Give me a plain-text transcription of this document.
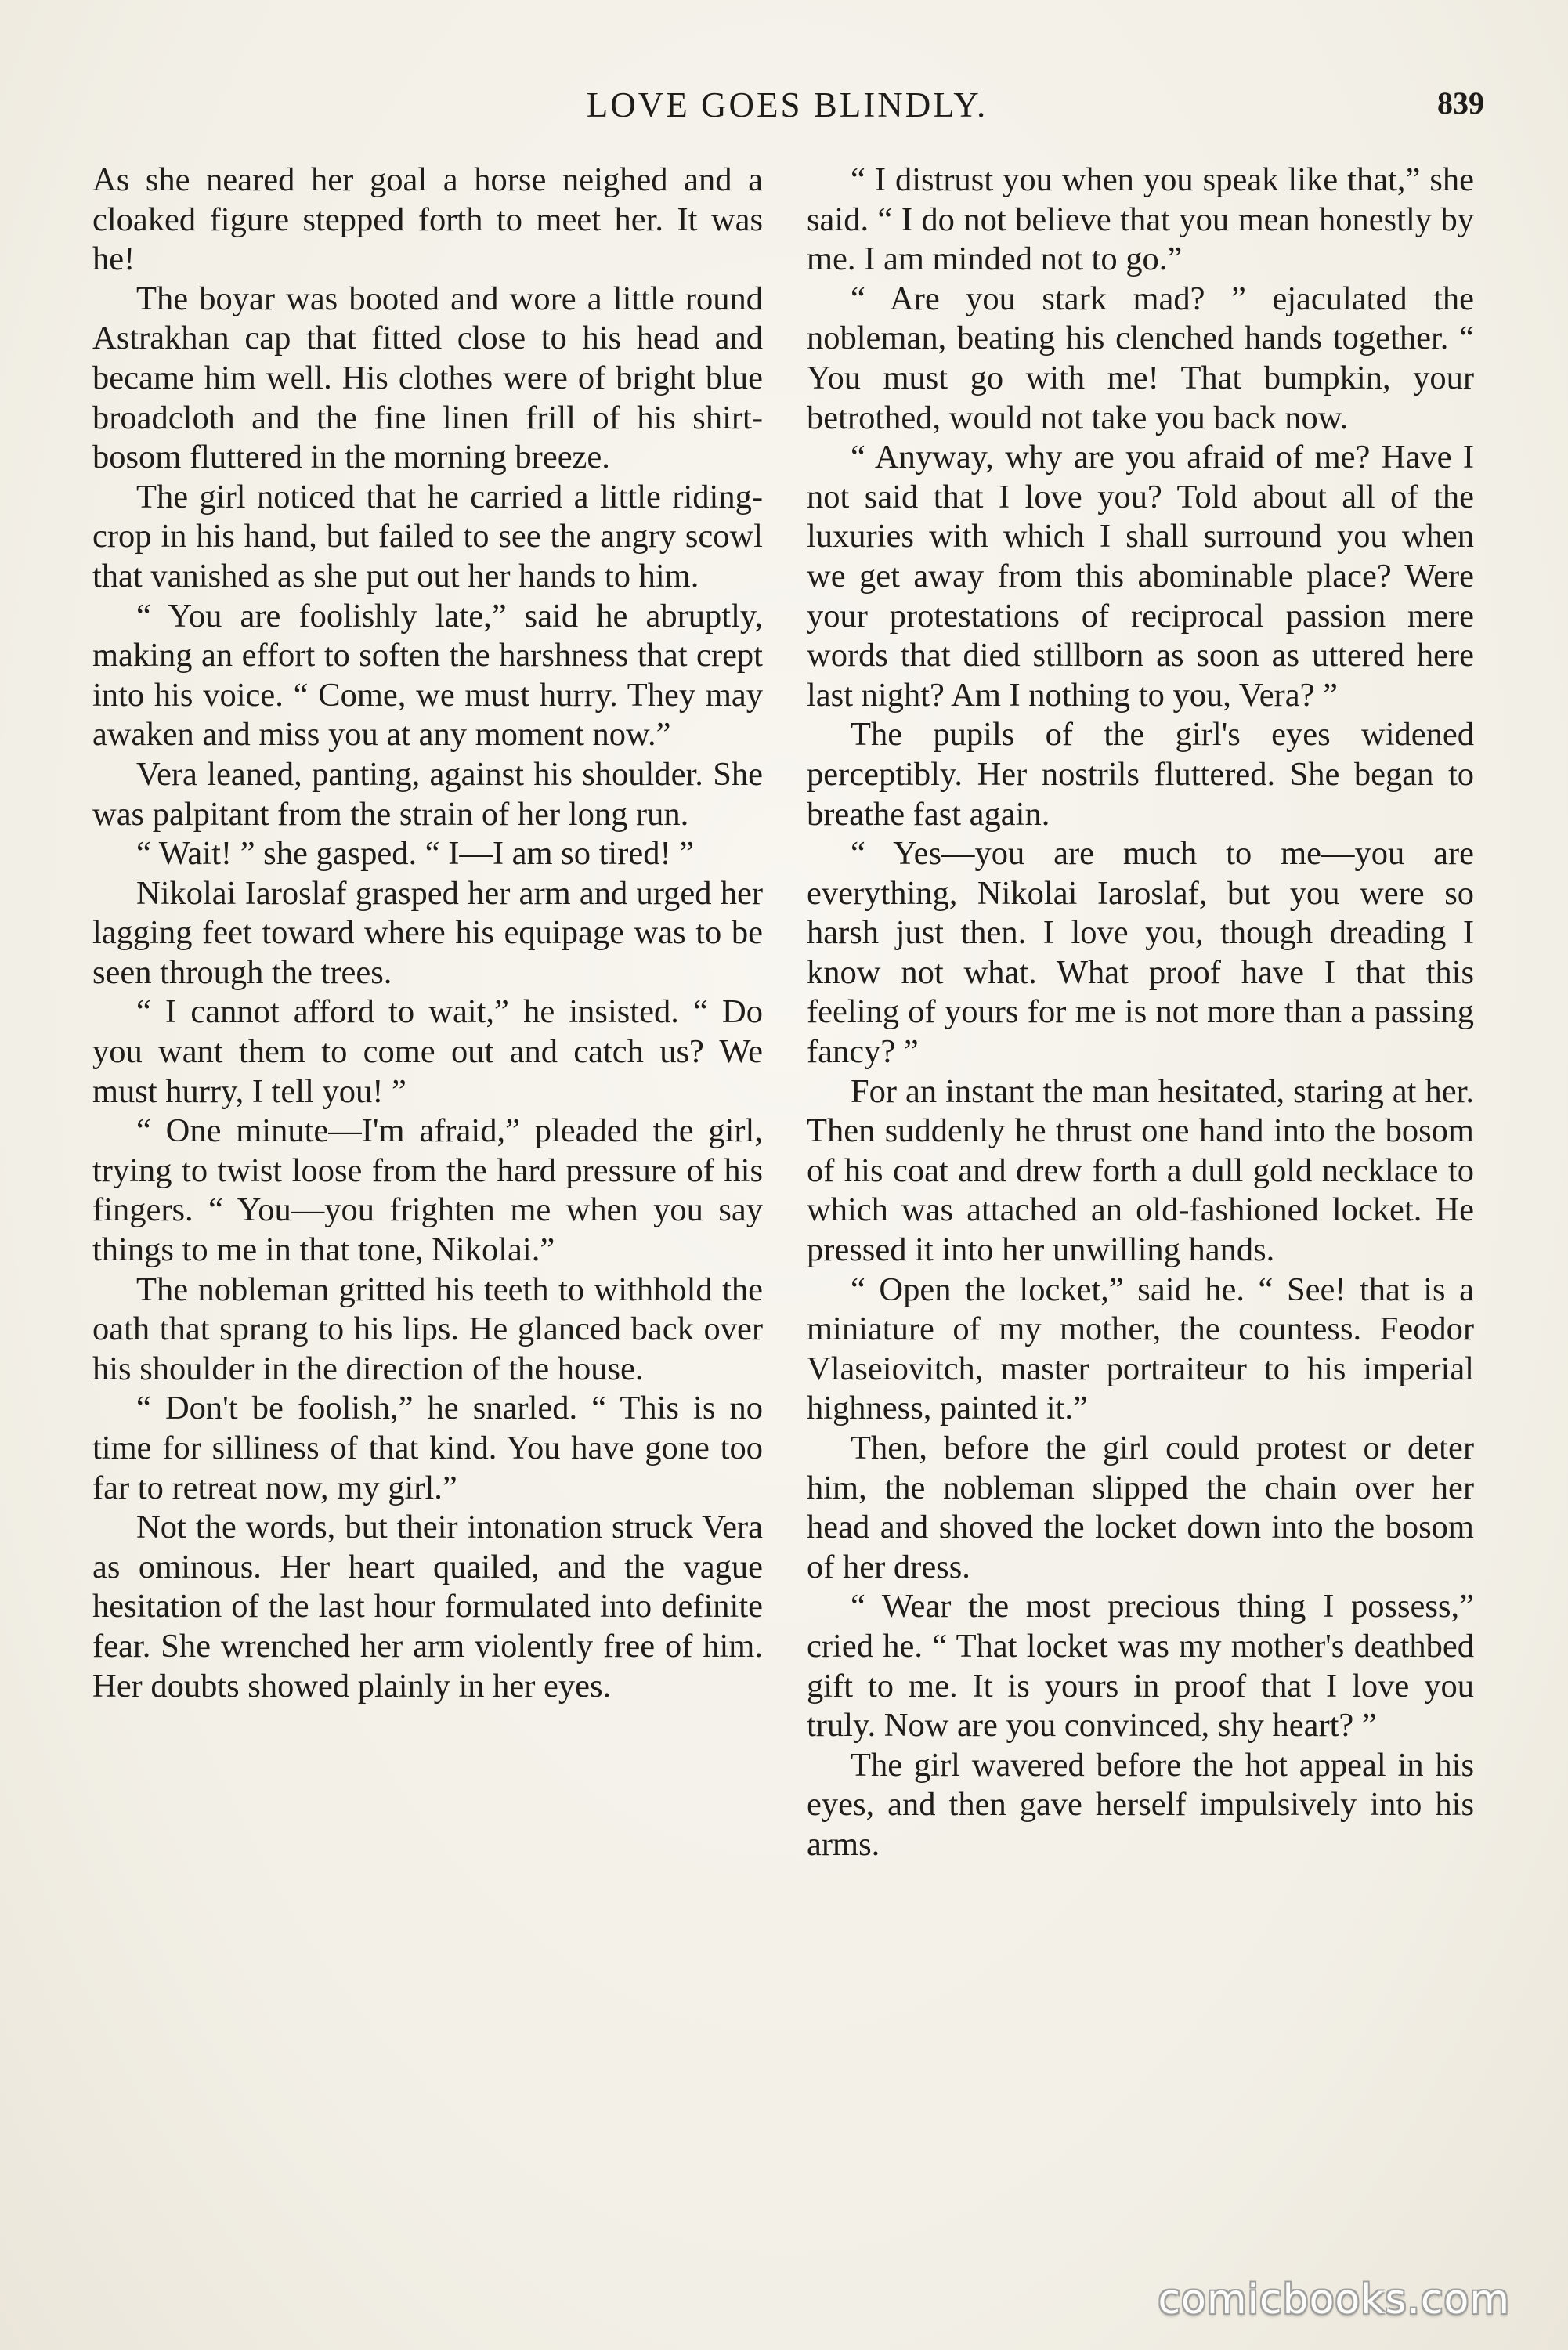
LOVE GOES BLINDLY.	839

As she neared her goal a horse neighed and a cloaked figure stepped forth to meet her. It was he!

The boyar was booted and wore a little round Astrakhan cap that fitted close to his head and became him well. His clothes were of bright blue broadcloth and the fine linen frill of his shirt-bosom fluttered in the morning breeze.

The girl noticed that he carried a little riding-crop in his hand, but failed to see the angry scowl that vanished as she put out her hands to him.

“ You are foolishly late,” said he abruptly, making an effort to soften the harshness that crept into his voice. “ Come, we must hurry. They may awaken and miss you at any moment now.”

Vera leaned, panting, against his shoulder. She was palpitant from the strain of her long run.

“ Wait! ” she gasped. “ I—I am so tired! ”

Nikolai Iaroslaf grasped her arm and urged her lagging feet toward where his equipage was to be seen through the trees.

“ I cannot afford to wait,” he insisted. “ Do you want them to come out and catch us? We must hurry, I tell you! ”

“ One minute—I'm afraid,” pleaded the girl, trying to twist loose from the hard pressure of his fingers. “ You—you frighten me when you say things to me in that tone, Nikolai.”

The nobleman gritted his teeth to withhold the oath that sprang to his lips. He glanced back over his shoulder in the direction of the house.

“ Don't be foolish,” he snarled. “ This is no time for silliness of that kind. You have gone too far to retreat now, my girl.”

Not the words, but their intonation struck Vera as ominous. Her heart quailed, and the vague hesitation of the last hour formulated into definite fear. She wrenched her arm violently free of him. Her doubts showed plainly in her eyes.

“ I distrust you when you speak like that,” she said. “ I do not believe that you mean honestly by me. I am minded not to go.”

“ Are you stark mad? ” ejaculated the nobleman, beating his clenched hands together. “ You must go with me! That bumpkin, your betrothed, would not take you back now.

“ Anyway, why are you afraid of me? Have I not said that I love you? Told about all of the luxuries with which I shall surround you when we get away from this abominable place? Were your protestations of reciprocal passion mere words that died stillborn as soon as uttered here last night? Am I nothing to you, Vera? ”

The pupils of the girl's eyes widened perceptibly. Her nostrils fluttered. She began to breathe fast again.

“ Yes—you are much to me—you are everything, Nikolai Iaroslaf, but you were so harsh just then. I love you, though dreading I know not what. What proof have I that this feeling of yours for me is not more than a passing fancy? ”

For an instant the man hesitated, staring at her. Then suddenly he thrust one hand into the bosom of his coat and drew forth a dull gold necklace to which was attached an old-fashioned locket. He pressed it into her unwilling hands.

“ Open the locket,” said he. “ See! that is a miniature of my mother, the countess. Feodor Vlaseiovitch, master portraiteur to his imperial highness, painted it.”

Then, before the girl could protest or deter him, the nobleman slipped the chain over her head and shoved the locket down into the bosom of her dress.

“ Wear the most precious thing I possess,” cried he. “ That locket was my mother's deathbed gift to me. It is yours in proof that I love you truly. Now are you convinced, shy heart? ”

The girl wavered before the hot appeal in his eyes, and then gave herself impulsively into his arms.

comicbooks.com
